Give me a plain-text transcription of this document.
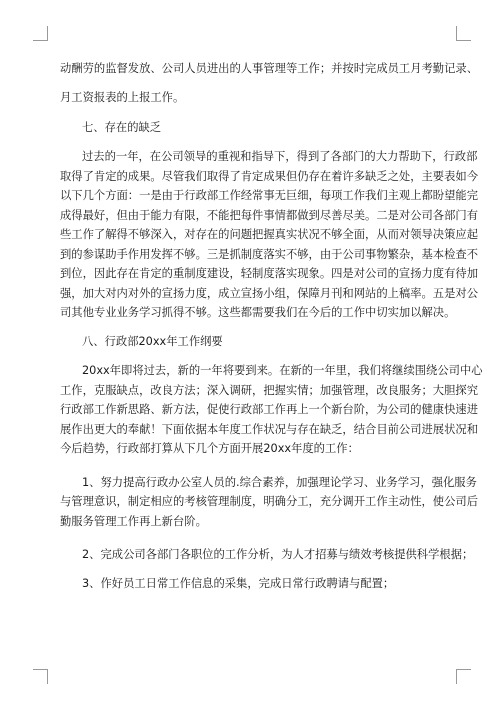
动酬劳的监督发放、公司人员进出的人事管理等工作；并按时完成员工月考勤记录、
月工资报表的上报工作。
七、存在的缺乏
过去的一年，在公司领导的重视和指导下，得到了各部门的大力帮助下，行政部
取得了肯定的成果。尽管我们取得了肯定成果但仍存在着许多缺乏之处，主要表如今
以下几个方面：一是由于行政部工作经常事无巨细，每项工作我们主观上都盼望能完
成得最好，但由于能力有限，不能把每件事情都做到尽善尽美。二是对公司各部门有
些工作了解得不够深入，对存在的问题把握真实状况不够全面，从而对领导决策应起
到的参谋助手作用发挥不够。三是抓制度落实不够，由于公司事物繁杂，基本检查不
到位，因此存在肯定的重制度建设，轻制度落实现象。四是对公司的宣扬力度有待加
强，加大对内对外的宣扬力度，成立宣扬小组，保障月刊和网站的上稿率。五是对公
司其他专业业务学习抓得不够。这些都需要我们在今后的工作中切实加以解决。
八、行政部20xx年工作纲要
20xx年即将过去，新的一年将要到来。在新的一年里，我们将继续围绕公司中心
工作，克服缺点，改良方法；深入调研，把握实情；加强管理，改良服务；大胆探究
行政部工作新思路、新方法，促使行政部工作再上一个新台阶，为公司的健康快速进
展作出更大的奉献！下面依据本年度工作状况与存在缺乏，结合目前公司进展状况和
今后趋势，行政部打算从下几个方面开展20xx年度的工作：
1、努力提高行政办公室人员的.综合素养，加强理论学习、业务学习，强化服务
与管理意识，制定相应的考核管理制度，明确分工，充分调开工作主动性，使公司后
勤服务管理工作再上新台阶。
2、完成公司各部门各职位的工作分析，为人才招募与绩效考核提供科学根据；
3、作好员工日常工作信息的采集，完成日常行政聘请与配置；
